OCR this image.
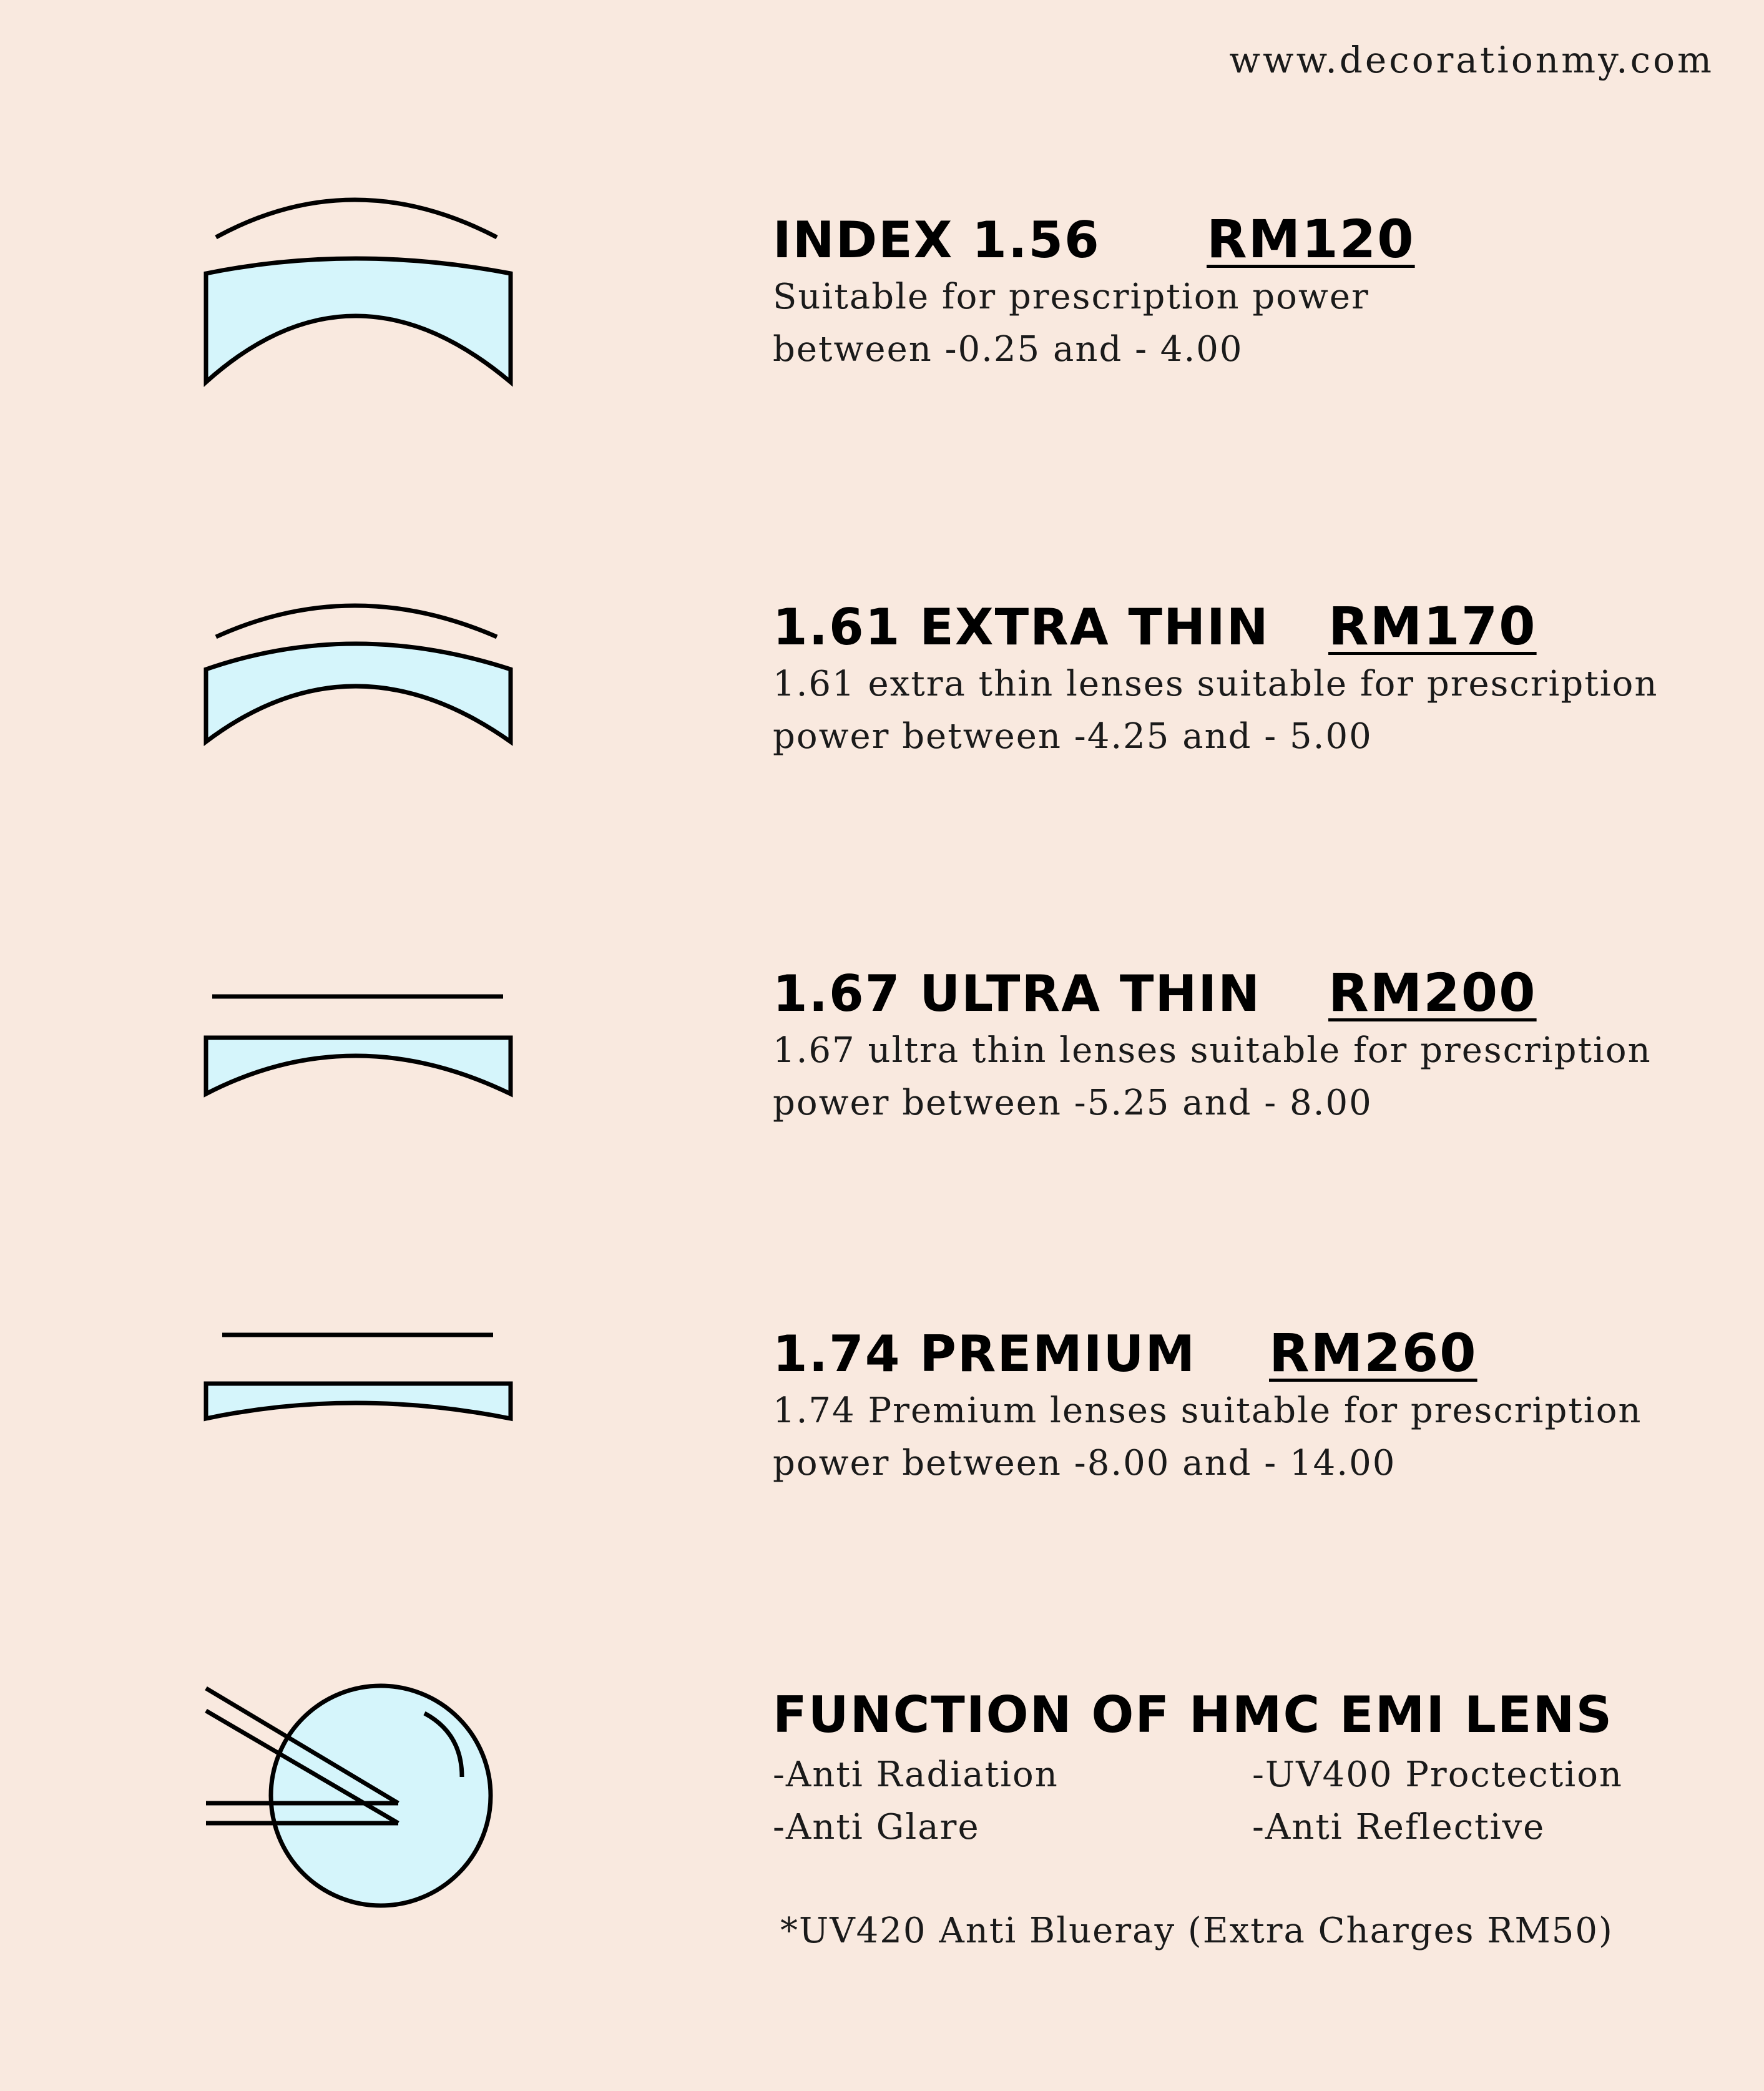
www.decorationmy.com
INDEX 1.56 RM120
Suitable for prescription power
between -0.25 and - 4.00
1.61 EXTRA THIN RM170
1.61 extra thin lenses suitable for prescription
power between -4.25 and - 5.00
1.67 ULTRA THIN RM200
1.67 ultra thin lenses suitable for prescription
power between -5.25 and - 8.00
1.74 PREMIUM RM260
1.74 Premium lenses suitable for prescription
power between -8.00 and - 14.00
FUNCTION OF HMC EMI LENS
-Anti Radiation	-UV400 Proctection
-Anti Glare	-Anti Reflective
*UV420 Anti Blueray (Extra Charges RM50)
